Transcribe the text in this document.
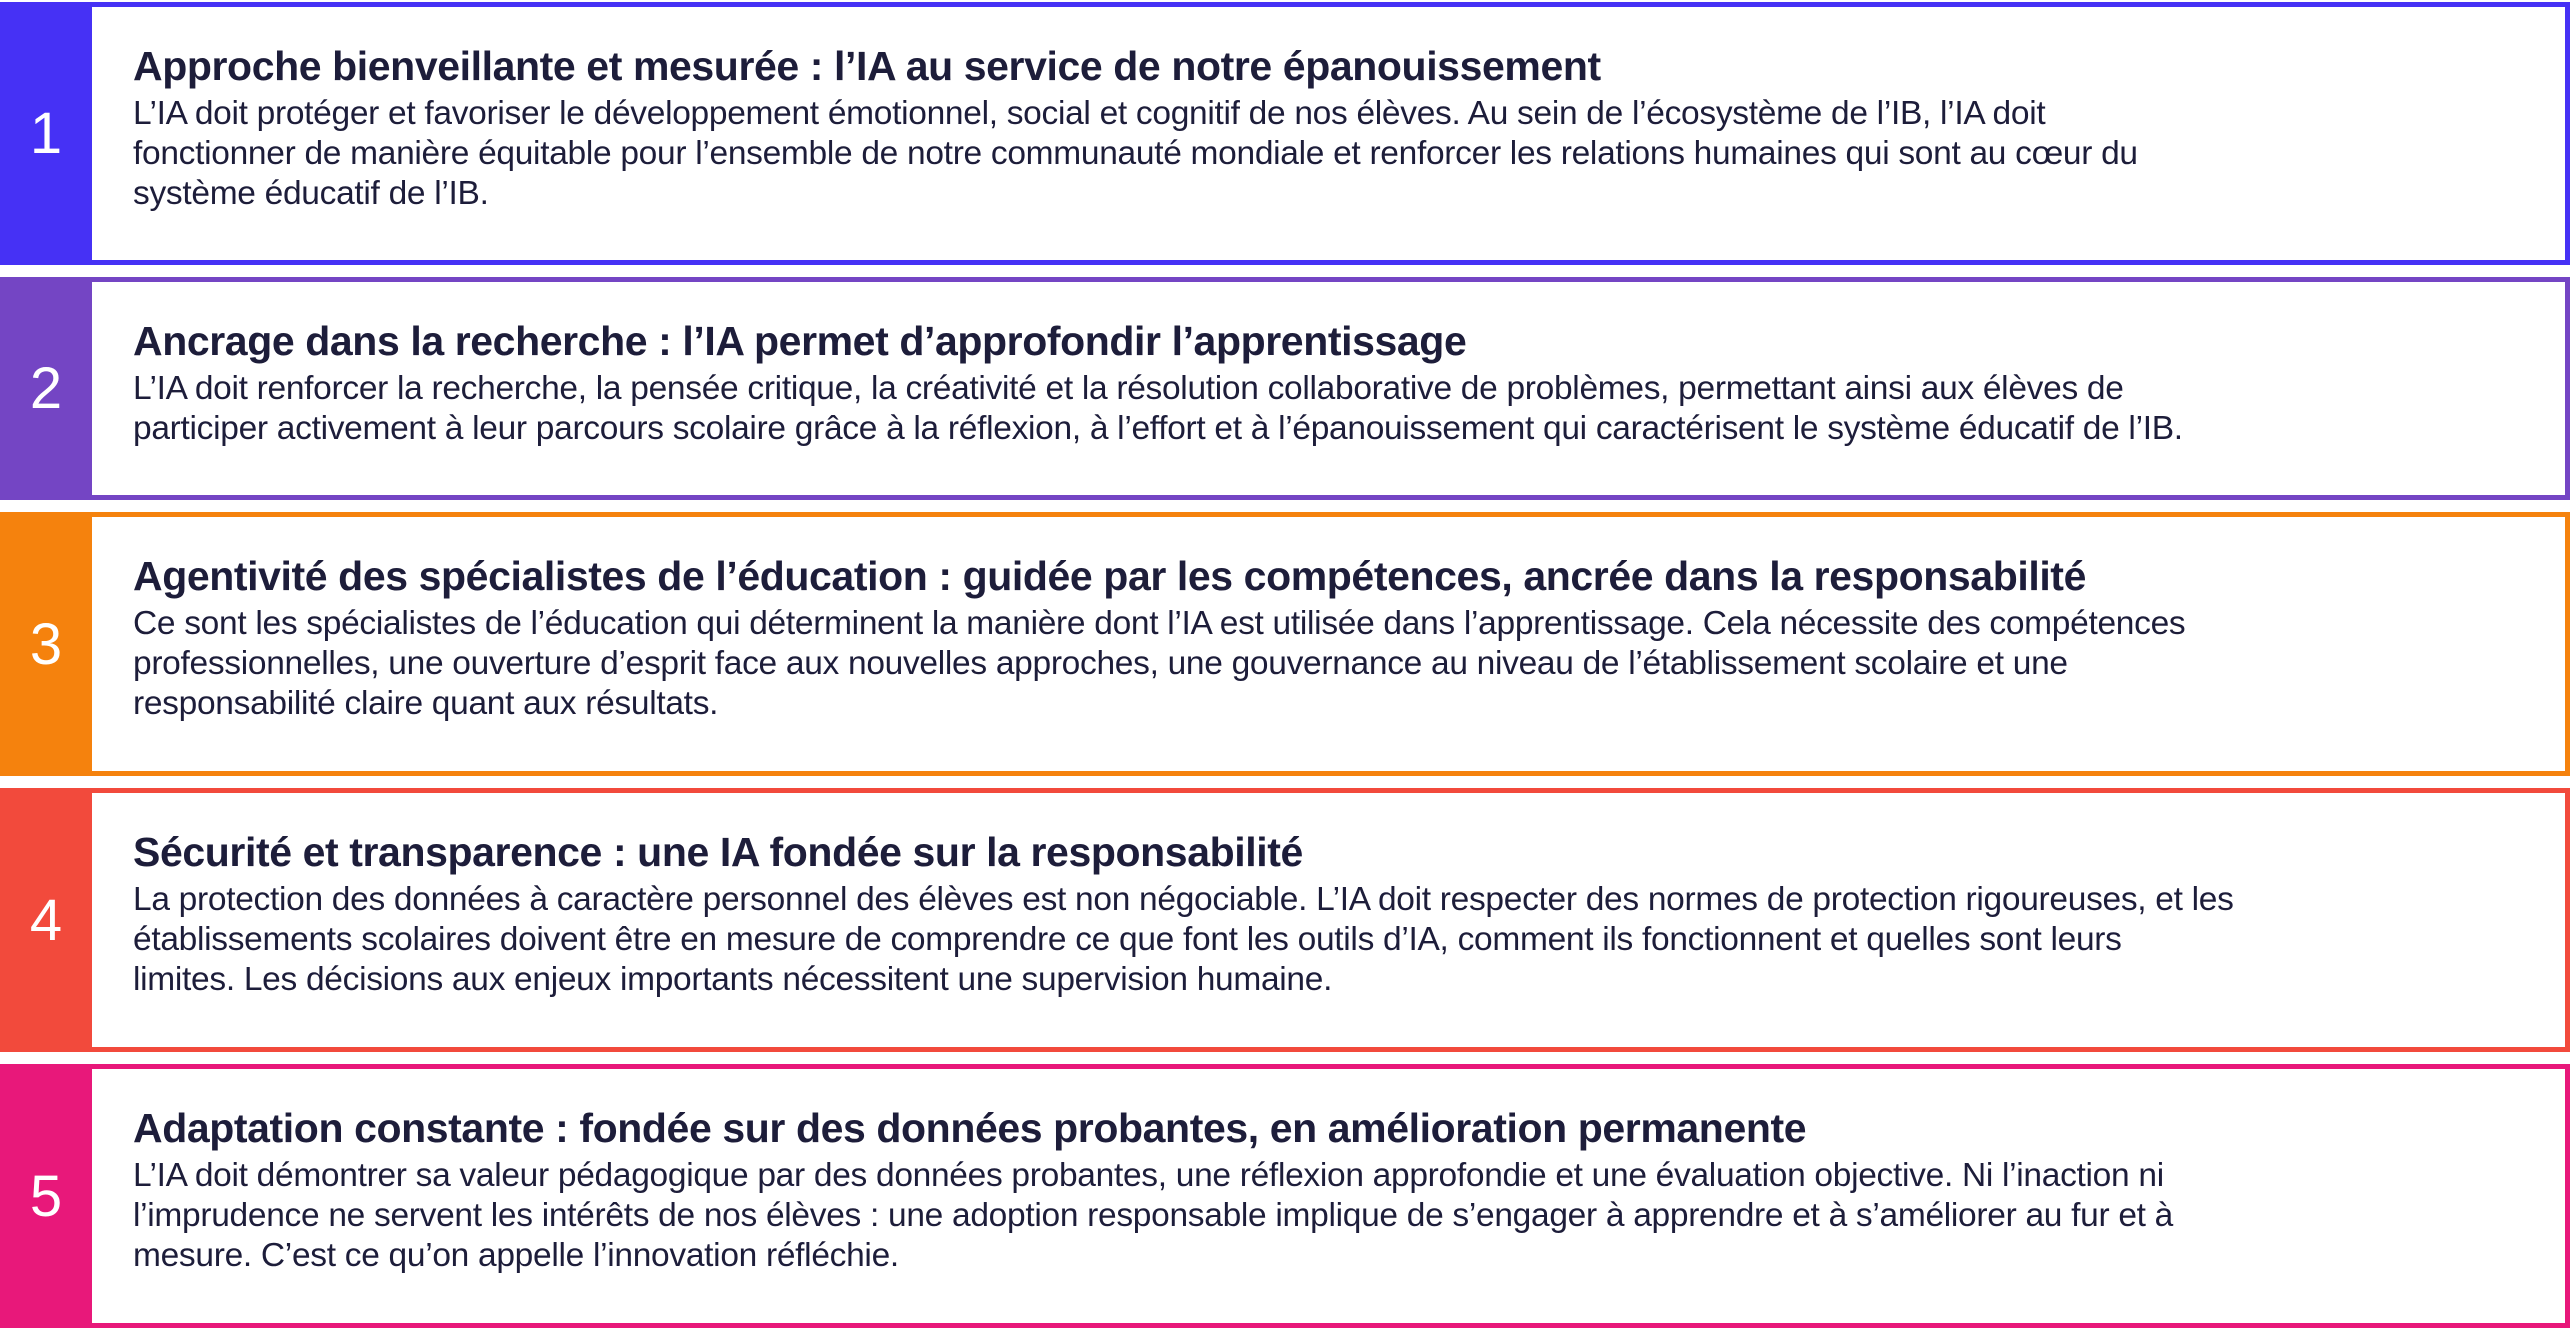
1
Approche bienveillante et mesurée : l’IA au service de notre épanouissement
L’IA doit protéger et favoriser le développement émotionnel, social et cognitif de nos élèves. Au sein de l’écosystème de l’IB, l’IA doit
fonctionner de manière équitable pour l’ensemble de notre communauté mondiale et renforcer les relations humaines qui sont au cœur du
système éducatif de l’IB.
2
Ancrage dans la recherche : l’IA permet d’approfondir l’apprentissage
L’IA doit renforcer la recherche, la pensée critique, la créativité et la résolution collaborative de problèmes, permettant ainsi aux élèves de
participer activement à leur parcours scolaire grâce à la réflexion, à l’effort et à l’épanouissement qui caractérisent le système éducatif de l’IB.
3
Agentivité des spécialistes de l’éducation : guidée par les compétences, ancrée dans la responsabilité
Ce sont les spécialistes de l’éducation qui déterminent la manière dont l’IA est utilisée dans l’apprentissage. Cela nécessite des compétences
professionnelles, une ouverture d’esprit face aux nouvelles approches, une gouvernance au niveau de l’établissement scolaire et une
responsabilité claire quant aux résultats.
4
Sécurité et transparence : une IA fondée sur la responsabilité
La protection des données à caractère personnel des élèves est non négociable. L’IA doit respecter des normes de protection rigoureuses, et les
établissements scolaires doivent être en mesure de comprendre ce que font les outils d’IA, comment ils fonctionnent et quelles sont leurs
limites. Les décisions aux enjeux importants nécessitent une supervision humaine.
5
Adaptation constante : fondée sur des données probantes, en amélioration permanente
L’IA doit démontrer sa valeur pédagogique par des données probantes, une réflexion approfondie et une évaluation objective. Ni l’inaction ni
l’imprudence ne servent les intérêts de nos élèves : une adoption responsable implique de s’engager à apprendre et à s’améliorer au fur et à
mesure. C’est ce qu’on appelle l’innovation réfléchie.
